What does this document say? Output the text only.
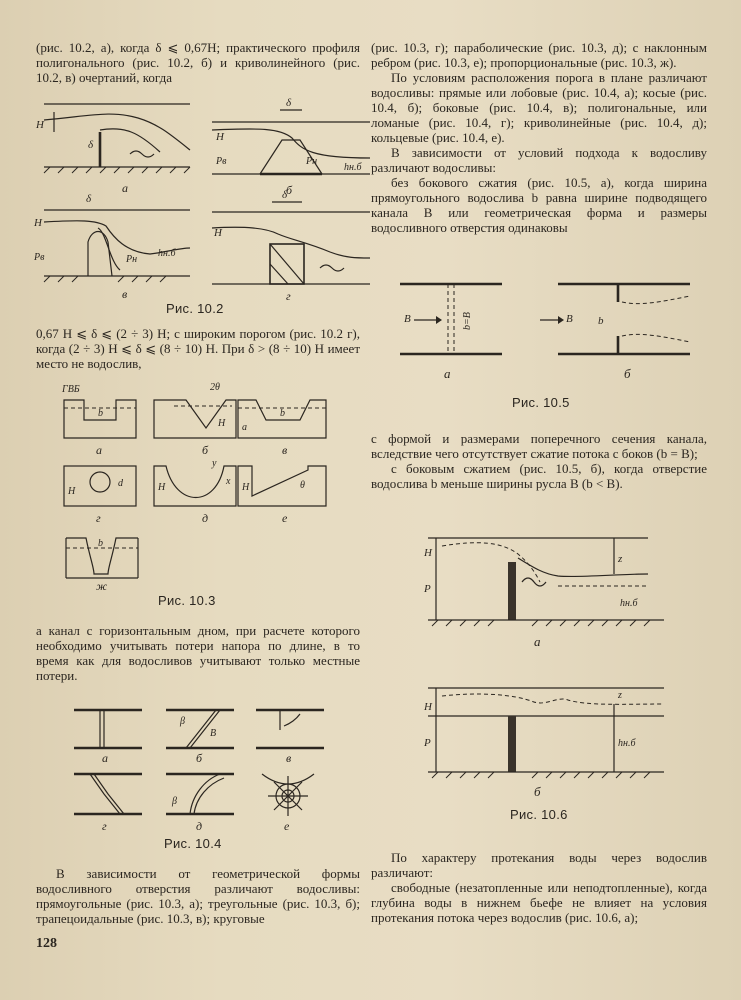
(рис. 10.2, а), когда δ ⩽ 0,67H; практического профиля полигонального (рис. 10.2, б) и криволинейного (рис. 10.2, в) очертаний, когда

H
δ
а
δ
H
Pв	Pн
hн.б
б
H
Pв	Pн
hн.б
δ
в
δ
H
г
Рис. 10.2

0,67 H ⩽ δ ⩽ (2 ÷ 3) H; с широким порогом (рис. 10.2 г), когда (2 ÷ 3) H ⩽ δ ⩽ (8 ÷ 10) H. При δ > (8 ÷ 10) H имеет место не водослив,

ГВБ
b
а
2θ
H
б
y
а
b
в
d
H
г
H
x
д
H	θ
е
b
ж
Рис. 10.3

а канал с горизонтальным дном, при расчете которого необходимо учитывать потери напора по длине, в то время как для водосливов учитывают только местные потери.

а
β
B
б	в
г
β
д	е
Рис. 10.4

В зависимости от геометрической формы водосливного отверстия различают водосливы: прямоугольные (рис. 10.3, а); треугольные (рис. 10.3, б); трапецоидальные (рис. 10.3, в); круговые

128

(рис. 10.3, г); параболические (рис. 10.3, д); с наклонным ребром (рис. 10.3, е); пропорциональные (рис. 10.3, ж).

По условиям расположения порога в плане различают водосливы: прямые или лобовые (рис. 10.4, а); косые (рис. 10.4, б); боковые (рис. 10.4, в); полигональные, или ломаные (рис. 10.4, г); криволинейные (рис. 10.4, д); кольцевые (рис. 10.4, е).

В зависимости от условий подхода к водосливу различают водосливы:

без бокового сжатия (рис. 10.5, а), когда ширина прямоугольного водослива b равна ширине подводящего канала B или геометрическая форма и размеры водосливного отверстия одинаковы

B	b=B
а
B b
б
Рис. 10.5

с формой и размерами поперечного сечения канала, вследствие чего отсутствует сжатие потока с боков (b = B);

с боковым сжатием (рис. 10.5, б), когда отверстие водослива b меньше ширины русла B (b < B).

H
P
z
hн.б
а
H
P
z
hн.б
б
Рис. 10.6

По характеру протекания воды через водослив различают:

свободные (незатопленные или неподтопленные), когда глубина воды в нижнем бьефе не влияет на условия протекания потока через водослив (рис. 10.6, а);
